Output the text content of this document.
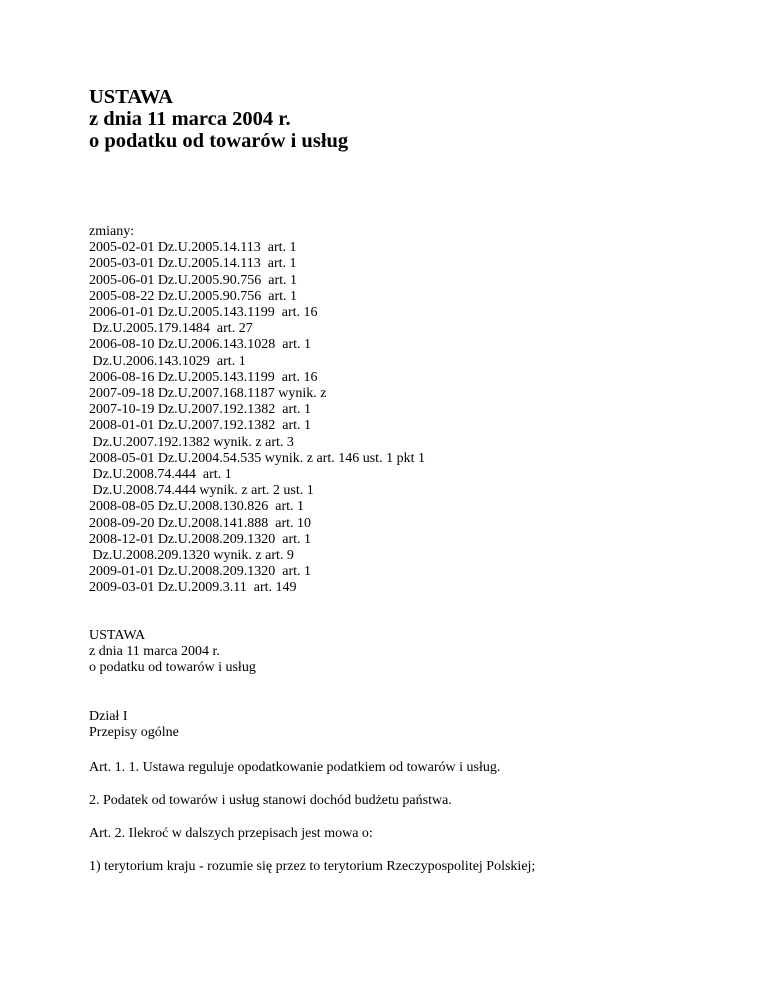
USTAWA
z dnia 11 marca 2004 r.
o podatku od towarów i usług
zmiany:
2005-02-01 Dz.U.2005.14.113  art. 1
2005-03-01 Dz.U.2005.14.113  art. 1
2005-06-01 Dz.U.2005.90.756  art. 1
2005-08-22 Dz.U.2005.90.756  art. 1
2006-01-01 Dz.U.2005.143.1199  art. 16
Dz.U.2005.179.1484  art. 27
2006-08-10 Dz.U.2006.143.1028  art. 1
Dz.U.2006.143.1029  art. 1
2006-08-16 Dz.U.2005.143.1199  art. 16
2007-09-18 Dz.U.2007.168.1187 wynik. z
2007-10-19 Dz.U.2007.192.1382  art. 1
2008-01-01 Dz.U.2007.192.1382  art. 1
Dz.U.2007.192.1382 wynik. z art. 3
2008-05-01 Dz.U.2004.54.535 wynik. z art. 146 ust. 1 pkt 1
Dz.U.2008.74.444  art. 1
Dz.U.2008.74.444 wynik. z art. 2 ust. 1
2008-08-05 Dz.U.2008.130.826  art. 1
2008-09-20 Dz.U.2008.141.888  art. 10
2008-12-01 Dz.U.2008.209.1320  art. 1
Dz.U.2008.209.1320 wynik. z art. 9
2009-01-01 Dz.U.2008.209.1320  art. 1
2009-03-01 Dz.U.2009.3.11  art. 149
USTAWA
z dnia 11 marca 2004 r.
o podatku od towarów i usług
Dział I
Przepisy ogólne
Art. 1. 1. Ustawa reguluje opodatkowanie podatkiem od towarów i usług.
2. Podatek od towarów i usług stanowi dochód budżetu państwa.
Art. 2. Ilekroć w dalszych przepisach jest mowa o:
1) terytorium kraju - rozumie się przez to terytorium Rzeczypospolitej Polskiej;
